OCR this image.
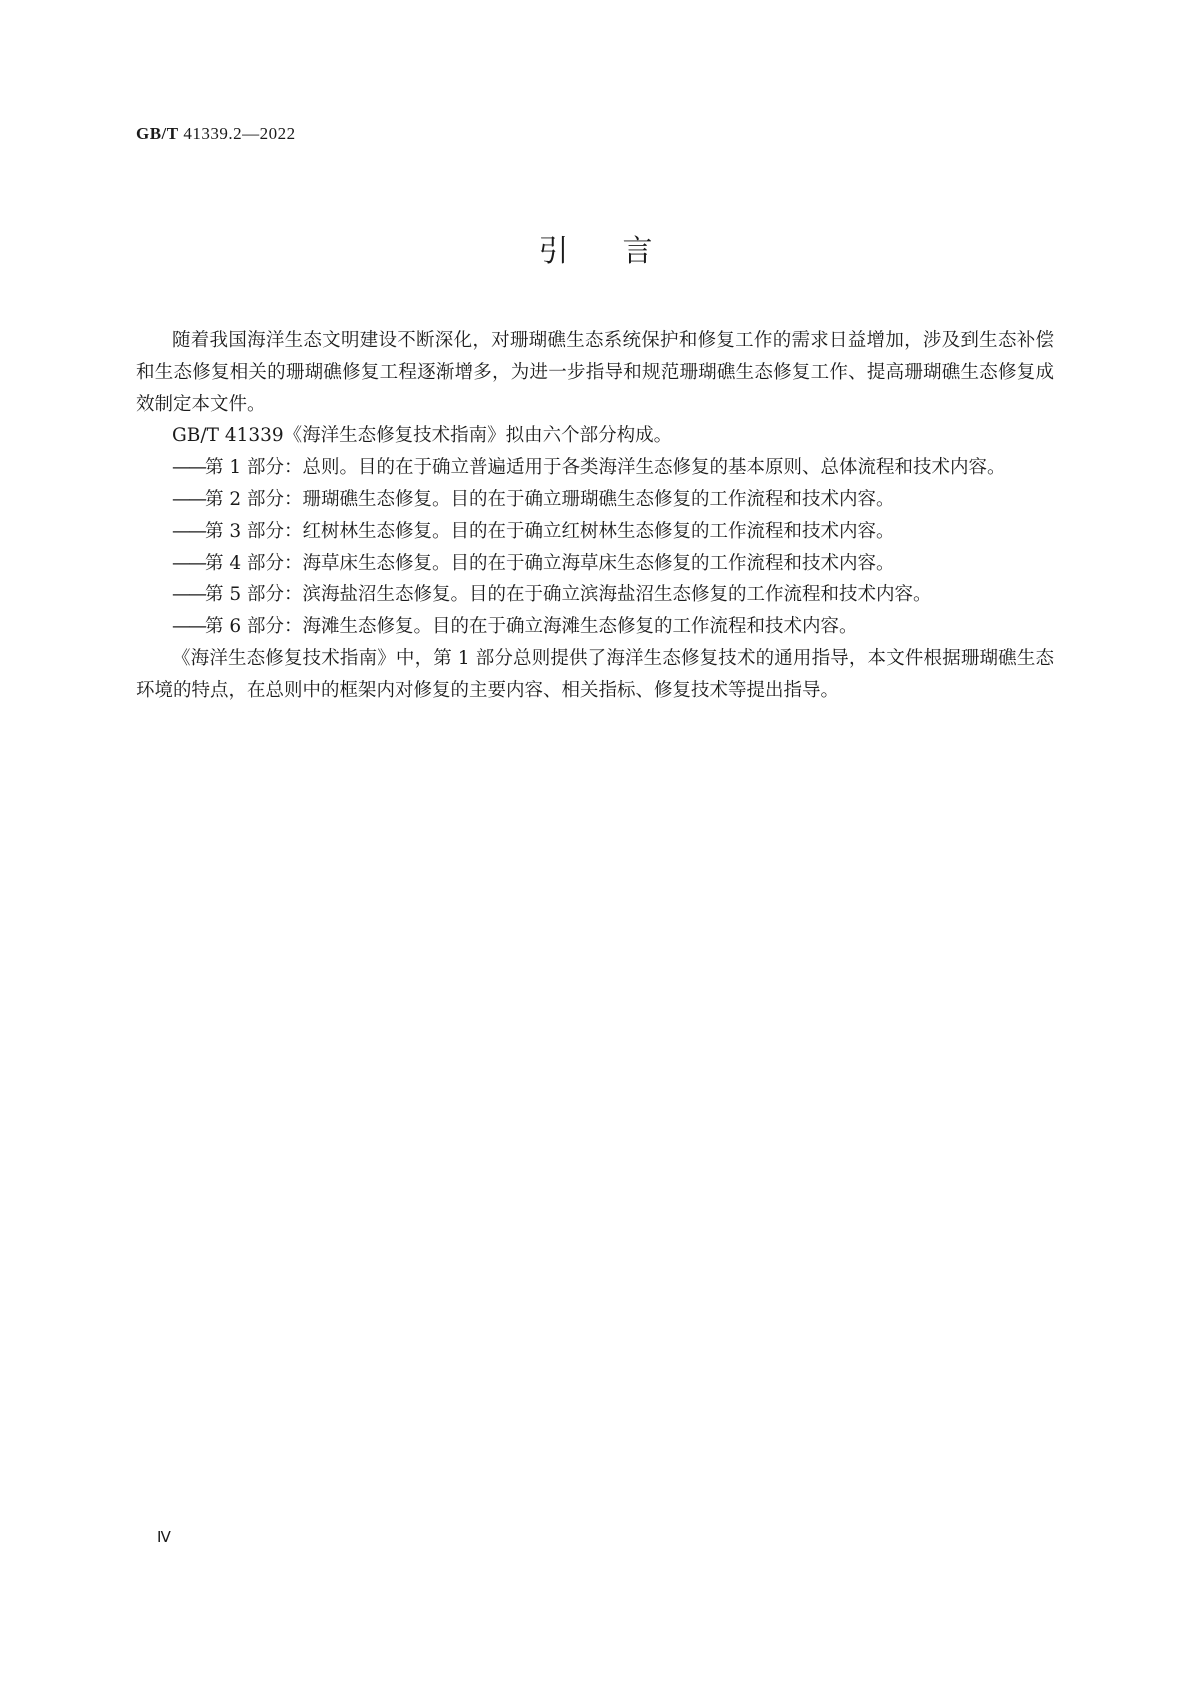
GB/T 41339.2—2022
引言

随着我国海洋生态文明建设不断深化，对珊瑚礁生态系统保护和修复工作的需求日益增加，涉及到生态补偿和生态修复相关的珊瑚礁修复工程逐渐增多，为进一步指导和规范珊瑚礁生态修复工作、提高珊瑚礁生态修复成效制定本文件。

GB/T 41339《海洋生态修复技术指南》拟由六个部分构成。

——第 1 部分：总则。目的在于确立普遍适用于各类海洋生态修复的基本原则、总体流程和技术内容。

——第 2 部分：珊瑚礁生态修复。目的在于确立珊瑚礁生态修复的工作流程和技术内容。

——第 3 部分：红树林生态修复。目的在于确立红树林生态修复的工作流程和技术内容。

——第 4 部分：海草床生态修复。目的在于确立海草床生态修复的工作流程和技术内容。

——第 5 部分：滨海盐沼生态修复。目的在于确立滨海盐沼生态修复的工作流程和技术内容。

——第 6 部分：海滩生态修复。目的在于确立海滩生态修复的工作流程和技术内容。

《海洋生态修复技术指南》中，第 1 部分总则提供了海洋生态修复技术的通用指导，本文件根据珊瑚礁生态环境的特点，在总则中的框架内对修复的主要内容、相关指标、修复技术等提出指导。

Ⅳ
